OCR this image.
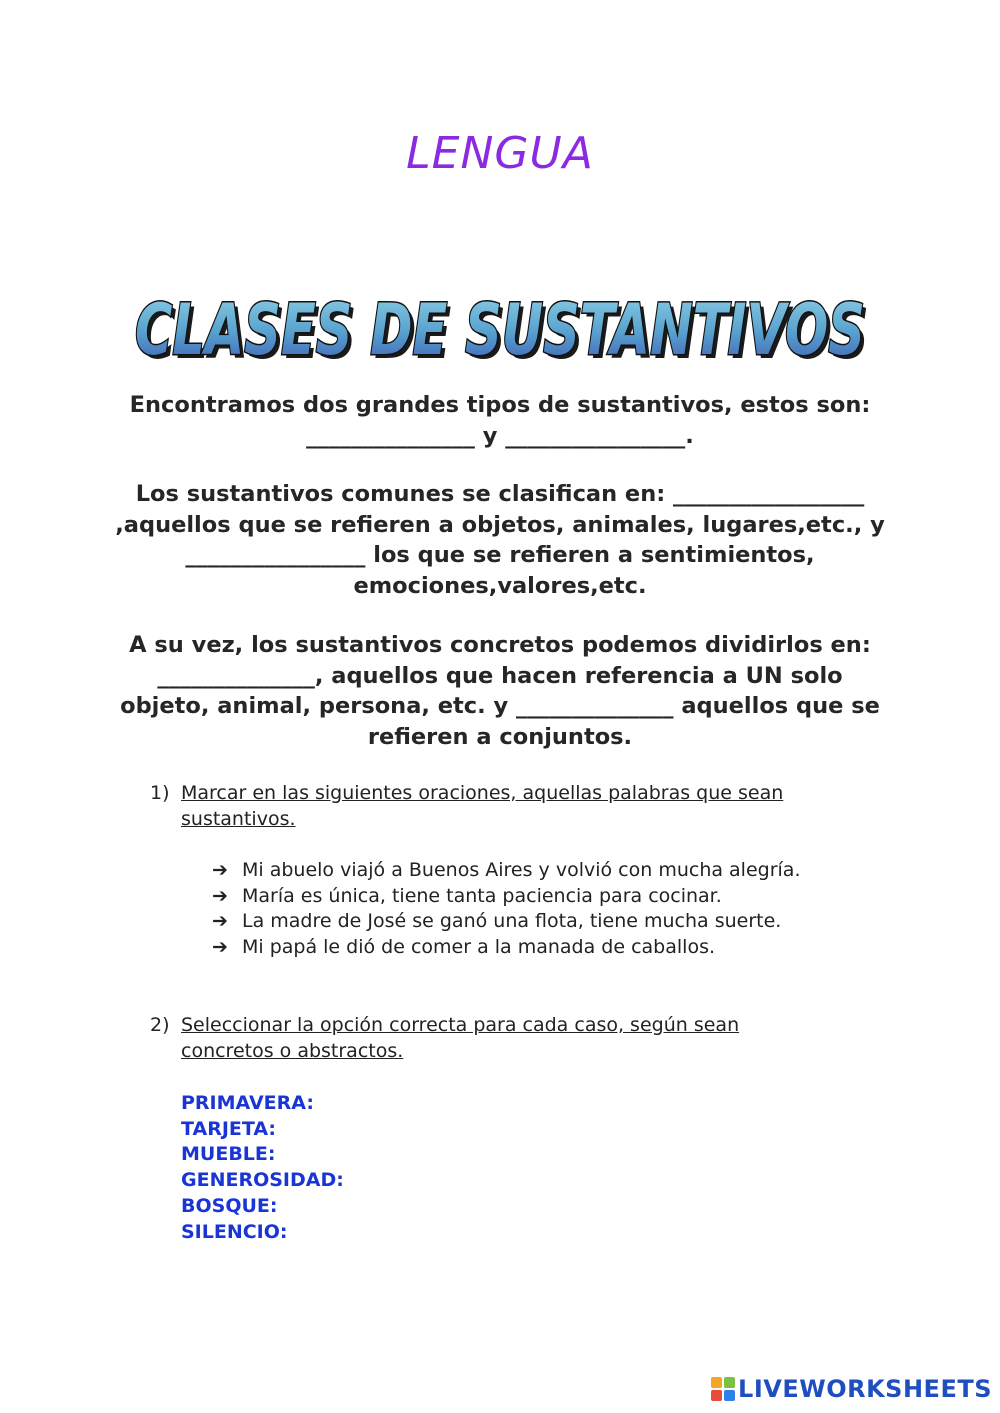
LENGUA
CLASES DE SUSTANTIVOS
CLASES DE SUSTANTIVOS
Encontramos dos grandes tipos de sustantivos, estos son:
_______________ y ________________.
Los sustantivos comunes se clasifican en: _________________
,aquellos que se refieren a objetos, animales, lugares,etc., y
________________ los que se refieren a sentimientos,
emociones,valores,etc.
A su vez, los sustantivos concretos podemos dividirlos en:
______________, aquellos que hacen referencia a UN solo
objeto, animal, persona, etc. y ______________ aquellos que se
refieren a conjuntos.
1) Marcar en las siguientes oraciones, aquellas palabras que sean
sustantivos.
➔ Mi abuelo viajó a Buenos Aires y volvió con mucha alegría.
➔ María es única, tiene tanta paciencia para cocinar.
➔ La madre de José se ganó una flota, tiene mucha suerte.
➔ Mi papá le dió de comer a la manada de caballos.
2) Seleccionar la opción correcta para cada caso, según sean
concretos o abstractos.
PRIMAVERA:
TARJETA:
MUEBLE:
GENEROSIDAD:
BOSQUE:
SILENCIO:
LIVEWORKSHEETS
